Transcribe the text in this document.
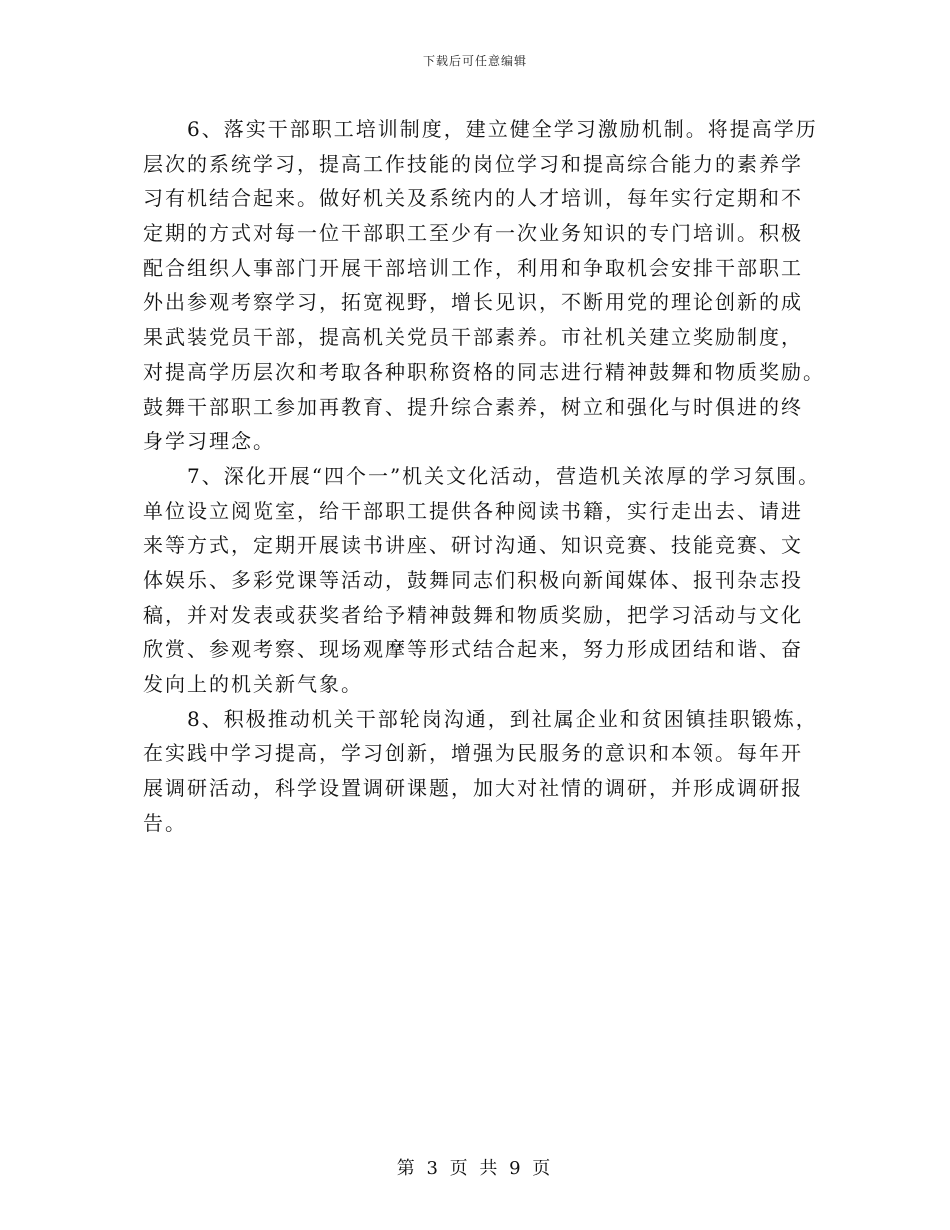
下载后可任意编辑
6、落实干部职工培训制度，建立健全学习激励机制。将提高学历
层次的系统学习，提高工作技能的岗位学习和提高综合能力的素养学
习有机结合起来。做好机关及系统内的人才培训，每年实行定期和不
定期的方式对每一位干部职工至少有一次业务知识的专门培训。积极
配合组织人事部门开展干部培训工作，利用和争取机会安排干部职工
外出参观考察学习，拓宽视野，增长见识，不断用党的理论创新的成
果武装党员干部，提高机关党员干部素养。市社机关建立奖励制度，
对提高学历层次和考取各种职称资格的同志进行精神鼓舞和物质奖励。
鼓舞干部职工参加再教育、提升综合素养，树立和强化与时俱进的终
身学习理念。
7、深化开展“四个一”机关文化活动，营造机关浓厚的学习氛围。
单位设立阅览室，给干部职工提供各种阅读书籍，实行走出去、请进
来等方式，定期开展读书讲座、研讨沟通、知识竞赛、技能竞赛、文
体娱乐、多彩党课等活动，鼓舞同志们积极向新闻媒体、报刊杂志投
稿，并对发表或获奖者给予精神鼓舞和物质奖励，把学习活动与文化
欣赏、参观考察、现场观摩等形式结合起来，努力形成团结和谐、奋
发向上的机关新气象。
8、积极推动机关干部轮岗沟通，到社属企业和贫困镇挂职锻炼，
在实践中学习提高，学习创新，增强为民服务的意识和本领。每年开
展调研活动，科学设置调研课题，加大对社情的调研，并形成调研报
告。
第 3 页 共 9 页
